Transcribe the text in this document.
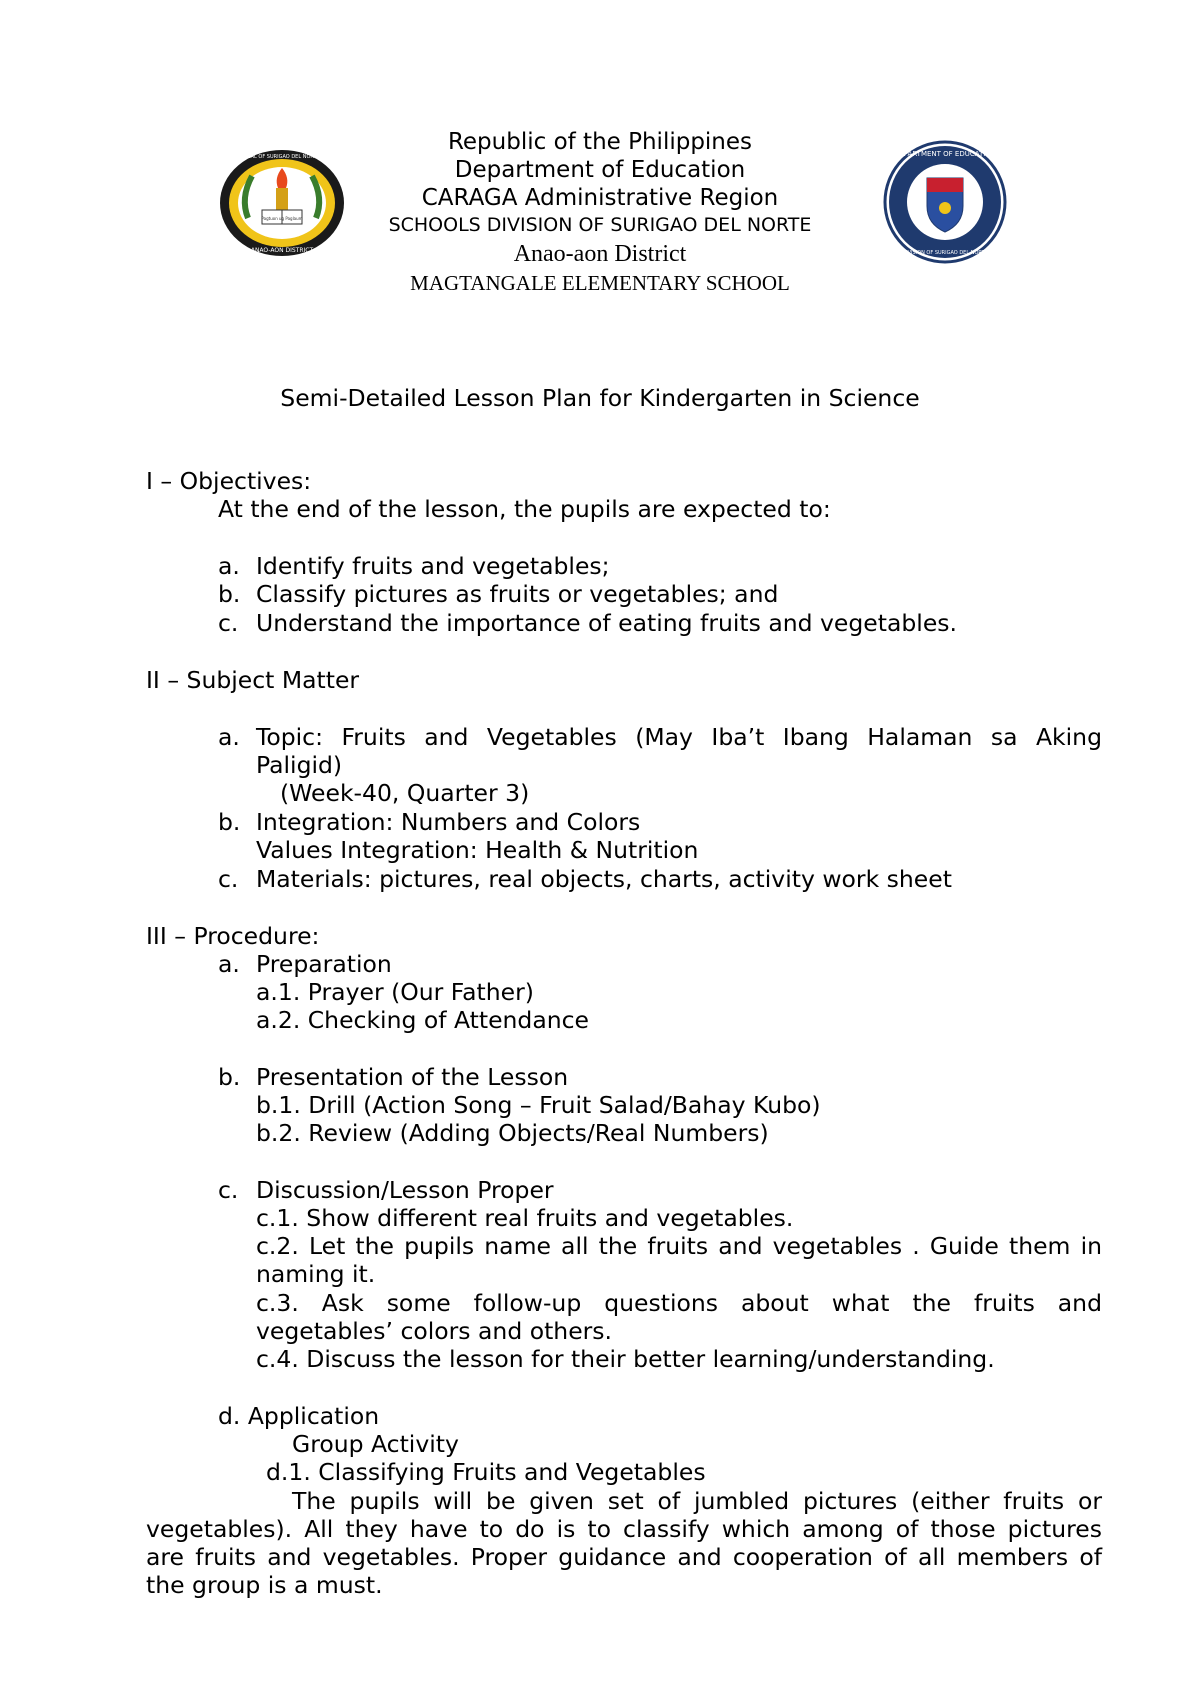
ANAO-AON DISTRICT
SEAL OF SURIGAO DEL NORTE
Pagtuon ug Paglaum
DEPARTMENT OF EDUCATION
DIVISION OF SURIGAO DEL NORTE
Republic of the Philippines
Department of Education
CARAGA Administrative Region
SCHOOLS DIVISION OF SURIGAO DEL NORTE
Anao-aon District
MAGTANGALE ELEMENTARY SCHOOL
Semi-Detailed Lesson Plan for Kindergarten in Science
I – Objectives:
At the end of the lesson, the pupils are expected to:
a. Identify fruits and vegetables;
b. Classify pictures as fruits or vegetables; and
c. Understand the importance of eating fruits and vegetables.
II – Subject Matter
a. Topic: Fruits and Vegetables (May Iba’t Ibang Halaman sa Aking
Paligid)
(Week-40, Quarter 3)
b. Integration: Numbers and Colors
Values Integration: Health & Nutrition
c. Materials: pictures, real objects, charts, activity work sheet
III – Procedure:
a. Preparation
a.1. Prayer (Our Father)
a.2. Checking of Attendance
b. Presentation of the Lesson
b.1. Drill (Action Song – Fruit Salad/Bahay Kubo)
b.2. Review (Adding Objects/Real Numbers)
c. Discussion/Lesson Proper
c.1. Show different real fruits and vegetables.
c.2. Let the pupils name all the fruits and vegetables . Guide them in
naming it.
c.3. Ask some follow-up questions about what the fruits and
vegetables’ colors and others.
c.4. Discuss the lesson for their better learning/understanding.
d. Application
Group Activity
d.1. Classifying Fruits and Vegetables
The pupils will be given set of jumbled pictures (either fruits or
vegetables). All they have to do is to classify which among of those pictures
are fruits and vegetables. Proper guidance and cooperation of all members of
the group is a must.
